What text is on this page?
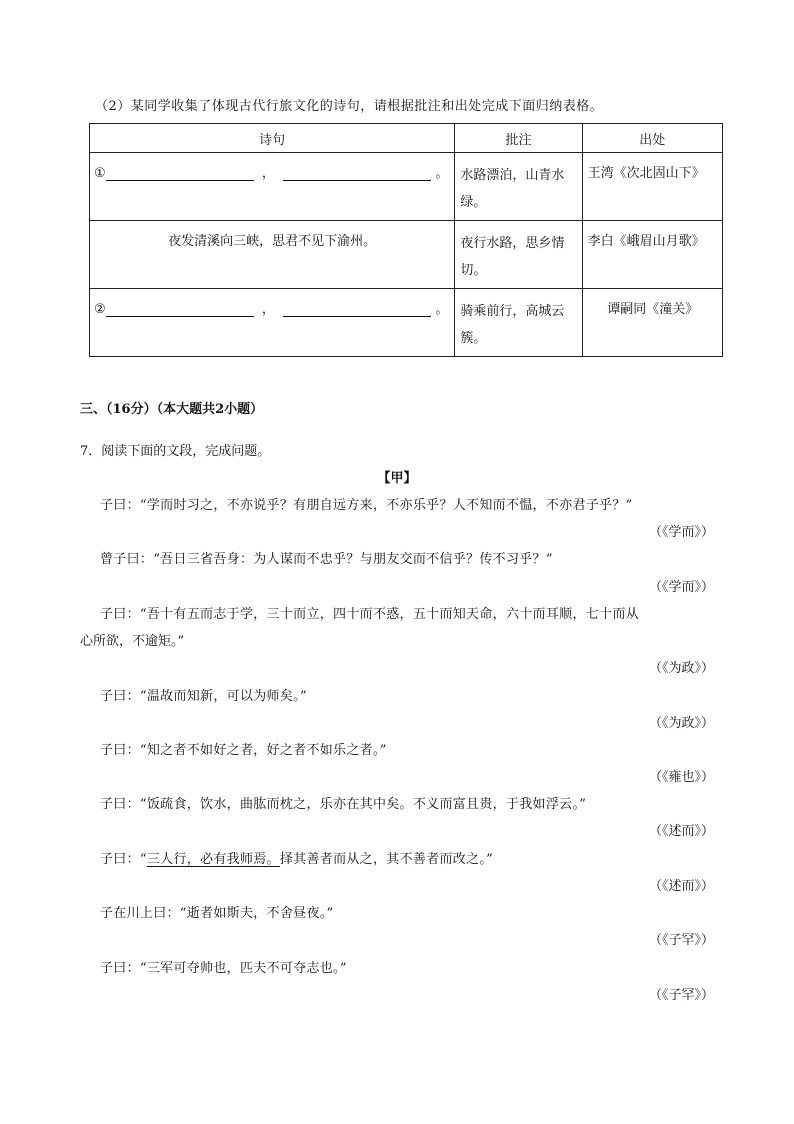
（2）某同学收集了体现古代行旅文化的诗句，请根据批注和出处完成下面归纳表格。
诗句	批注	出处
① ， 。	水路漂泊，山青水绿。	王湾《次北固山下》
夜发清溪向三峡，思君不见下渝州。	夜行水路，思乡情切。	李白《峨眉山月歌》
② ， 。	骑乘前行，高城云簇。	谭嗣同《潼关》
三、（16分）（本大题共2小题）
7．阅读下面的文段，完成问题。
【甲】
子曰：“学而时习之，不亦说乎？有朋自远方来，不亦乐乎？人不知而不愠，不亦君子乎？”
（《学而》）
曾子曰：“吾日三省吾身：为人谋而不忠乎？与朋友交而不信乎？传不习乎？”
（《学而》）
子曰：“吾十有五而志于学，三十而立，四十而不惑，五十而知天命，六十而耳顺，七十而从
心所欲，不逾矩。”
（《为政》）
子曰：“温故而知新，可以为师矣。”
（《为政》）
子曰：“知之者不如好之者，好之者不如乐之者。”
（《雍也》）
子曰：“饭疏食，饮水，曲肱而枕之，乐亦在其中矣。不义而富且贵，于我如浮云。”
（《述而》）
子曰：“三人行，必有我师焉。择其善者而从之，其不善者而改之。”
（《述而》）
子在川上曰：“逝者如斯夫，不舍昼夜。”
（《子罕》）
子曰：“三军可夺帅也，匹夫不可夺志也。”
（《子罕》）
